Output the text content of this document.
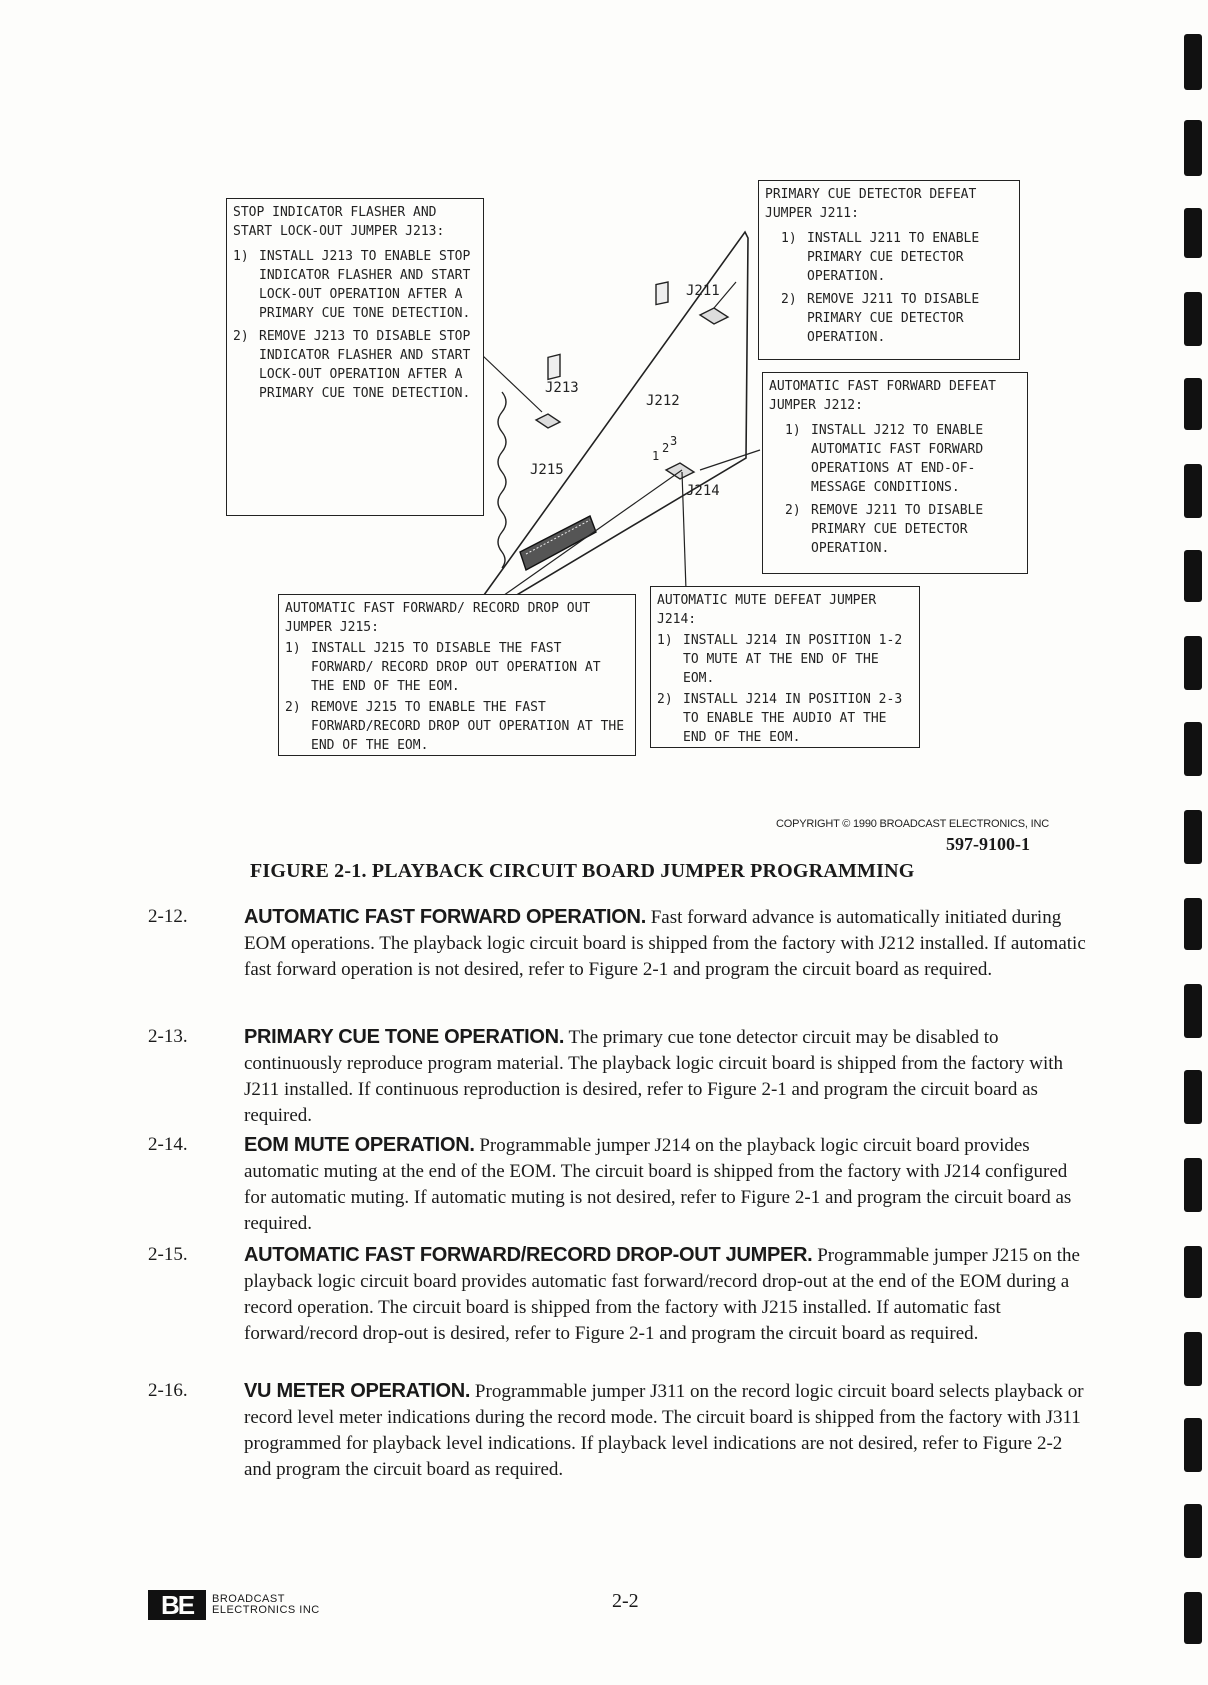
J213
J211
J212
J215
J214
1
2 3
STOP INDICATOR FLASHER AND START LOCK-OUT JUMPER J213:
1) INSTALL J213 TO ENABLE STOP INDICATOR FLASHER AND START LOCK-OUT OPERATION AFTER A PRIMARY CUE TONE DETECTION.
2) REMOVE J213 TO DISABLE STOP INDICATOR FLASHER AND START LOCK-OUT OPERATION AFTER A PRIMARY CUE TONE DETECTION.
PRIMARY CUE DETECTOR DEFEAT JUMPER J211:
1) INSTALL J211 TO ENABLE PRIMARY CUE DETECTOR OPERATION.
2) REMOVE J211 TO DISABLE PRIMARY CUE DETECTOR OPERATION.
AUTOMATIC FAST FORWARD DEFEAT JUMPER J212:
1) INSTALL J212 TO ENABLE AUTOMATIC FAST FORWARD OPERATIONS AT END-OF-MESSAGE CONDITIONS.
2) REMOVE J211 TO DISABLE PRIMARY CUE DETECTOR OPERATION.
AUTOMATIC FAST FORWARD/ RECORD DROP OUT JUMPER J215:
1) INSTALL J215 TO DISABLE THE FAST FORWARD/ RECORD DROP OUT OPERATION AT THE END OF THE EOM.
2) REMOVE J215 TO ENABLE THE FAST FORWARD/RECORD DROP OUT OPERATION AT THE END OF THE EOM.
AUTOMATIC MUTE DEFEAT JUMPER J214:
1) INSTALL J214 IN POSITION 1-2 TO MUTE AT THE END OF THE EOM.
2) INSTALL J214 IN POSITION 2-3 TO ENABLE THE AUDIO AT THE END OF THE EOM.
COPYRIGHT © 1990 BROADCAST ELECTRONICS, INC
597-9100-1
FIGURE 2-1. PLAYBACK CIRCUIT BOARD JUMPER PROGRAMMING
2-12.	AUTOMATIC FAST FORWARD OPERATION. Fast forward advance is automatically initiated during EOM operations. The playback logic circuit board is shipped from the factory with J212 installed. If automatic fast forward operation is not desired, refer to Figure 2-1 and program the circuit board as required.
2-13.	PRIMARY CUE TONE OPERATION. The primary cue tone detector circuit may be disabled to continuously reproduce program material. The playback logic circuit board is shipped from the factory with J211 installed. If continuous reproduction is desired, refer to Figure 2-1 and program the circuit board as required.
2-14.	EOM MUTE OPERATION. Programmable jumper J214 on the playback logic circuit board provides automatic muting at the end of the EOM. The circuit board is shipped from the factory with J214 configured for automatic muting. If automatic muting is not desired, refer to Figure 2-1 and program the circuit board as required.
2-15.	AUTOMATIC FAST FORWARD/RECORD DROP-OUT JUMPER. Programmable jumper J215 on the playback logic circuit board provides automatic fast forward/record drop-out at the end of the EOM during a record operation. The circuit board is shipped from the factory with J215 installed. If automatic fast forward/record drop-out is desired, refer to Figure 2-1 and program the circuit board as required.
2-16.	VU METER OPERATION. Programmable jumper J311 on the record logic circuit board selects playback or record level meter indications during the record mode. The circuit board is shipped from the factory with J311 programmed for playback level indications. If playback level indications are not desired, refer to Figure 2-2 and program the circuit board as required.
BE	BROADCAST
ELECTRONICS INC	2-2
